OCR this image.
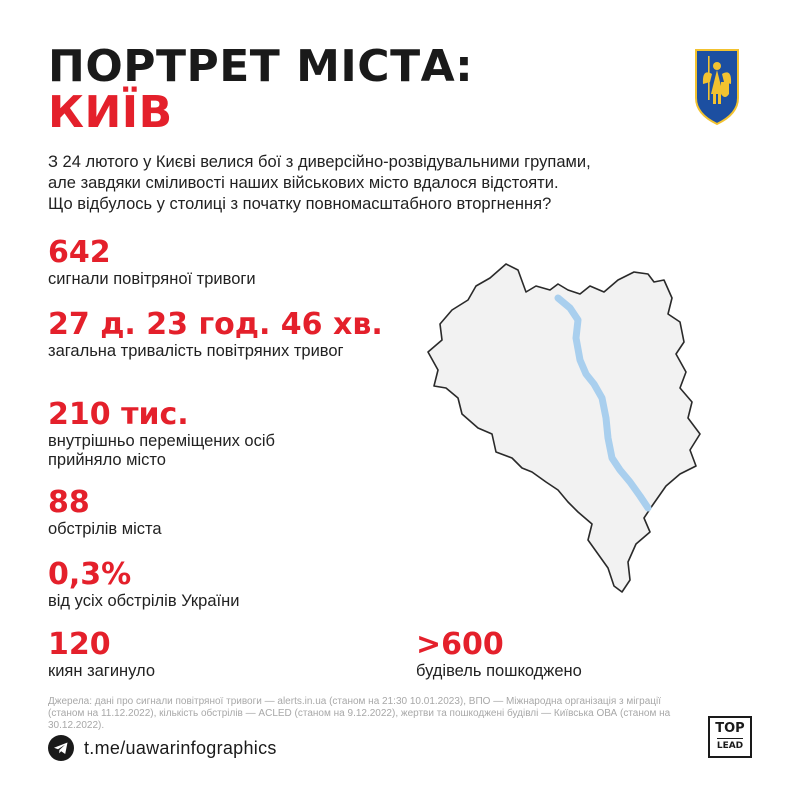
ПОРТРЕТ МІСТА:
КИЇВ
З 24 лютого у Києві велися бої з диверсійно-розвідувальними групами,
але завдяки сміливості наших військових місто вдалося відстояти.
Що відбулось у столиці з початку повномасштабного вторгнення?
642
сигнали повітряної тривоги
27 д. 23 год. 46 хв.
загальна тривалість повітряних тривог
210 тис.
внутрішньо переміщених осіб прийняло місто
88
обстрілів міста
0,3%
від усіх обстрілів України
120
киян загинуло
>600
будівель пошкоджено
Джерела: дані про сигнали повітряної тривоги — alerts.in.ua (станом на 21:30 10.01.2023), ВПО — Міжнародна організація з міграції (станом на 11.12.2022), кількість обстрілів — ACLED (станом на 9.12.2022), жертви та пошкоджені будівлі — Київська ОВА (станом на 30.12.2022).
t.me/uawarinfographics
TOP
LEAD
